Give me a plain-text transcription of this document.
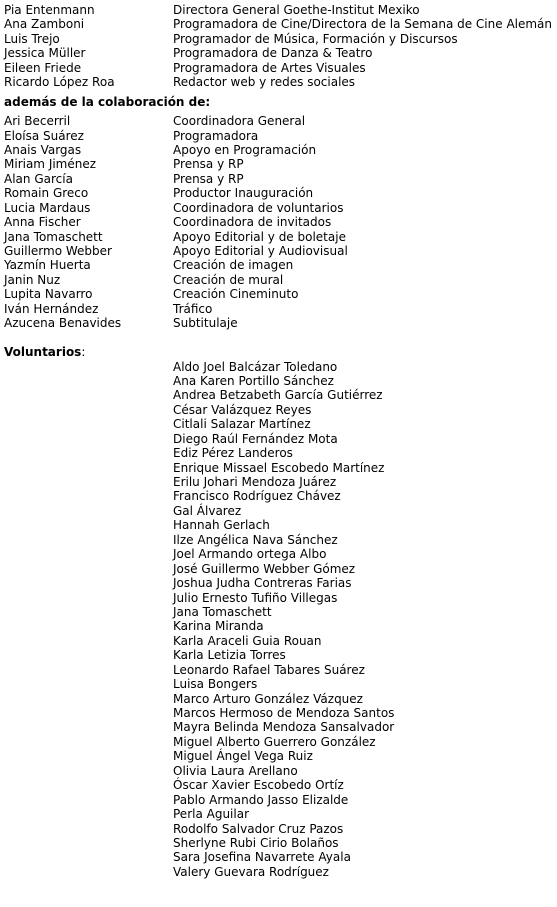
Pia Entenmann	Directora General Goethe-Institut Mexiko
Ana Zamboni	Programadora de Cine/Directora de la Semana de Cine Alemán
Luis Trejo	Programador de Música, Formación y Discursos
Jessica Müller	Programadora de Danza & Teatro
Eileen Friede	Programadora de Artes Visuales
Ricardo López Roa	Redactor web y redes sociales
además de la colaboración de:
Ari Becerril	Coordinadora General
Eloísa Suárez	Programadora
Anais Vargas	Apoyo en Programación
Miriam Jiménez	Prensa y RP
Alan García	Prensa y RP
Romain Greco	Productor Inauguración
Lucia Mardaus	Coordinadora de voluntarios
Anna Fischer	Coordinadora de invitados
Jana Tomaschett	Apoyo Editorial y de boletaje
Guillermo Webber	Apoyo Editorial y Audiovisual
Yazmín Huerta	Creación de imagen
Janin Nuz	Creación de mural
Lupita Navarro	Creación Cineminuto
Iván Hernández	Tráfico
Azucena Benavides	Subtitulaje
Voluntarios:
Aldo Joel Balcázar Toledano
Ana Karen Portillo Sánchez
Andrea Betzabeth García Gutiérrez
César Valázquez Reyes
Citlali Salazar Martínez
Diego Raúl Fernández Mota
Ediz Pérez Landeros
Enrique Missael Escobedo Martínez
Erilu Johari Mendoza Juárez
Francisco Rodríguez Chávez
Gal Álvarez
Hannah Gerlach
Ilze Angélica Nava Sánchez
Joel Armando ortega Albo
José Guillermo Webber Gómez
Joshua Judha Contreras Farias
Julio Ernesto Tufiño Villegas
Jana Tomaschett
Karina Miranda
Karla Araceli Guia Rouan
Karla Letizia Torres
Leonardo Rafael Tabares Suárez
Luisa Bongers
Marco Arturo González Vázquez
Marcos Hermoso de Mendoza Santos
Mayra Belinda Mendoza Sansalvador
Miguel Alberto Guerrero González
Miguel Ángel Vega Ruiz
Olivia Laura Arellano
Óscar Xavier Escobedo Ortíz
Pablo Armando Jasso Elizalde
Perla Aguilar
Rodolfo Salvador Cruz Pazos
Sherlyne Rubi Cirio Bolaños
Sara Josefina Navarrete Ayala
Valery Guevara Rodríguez
